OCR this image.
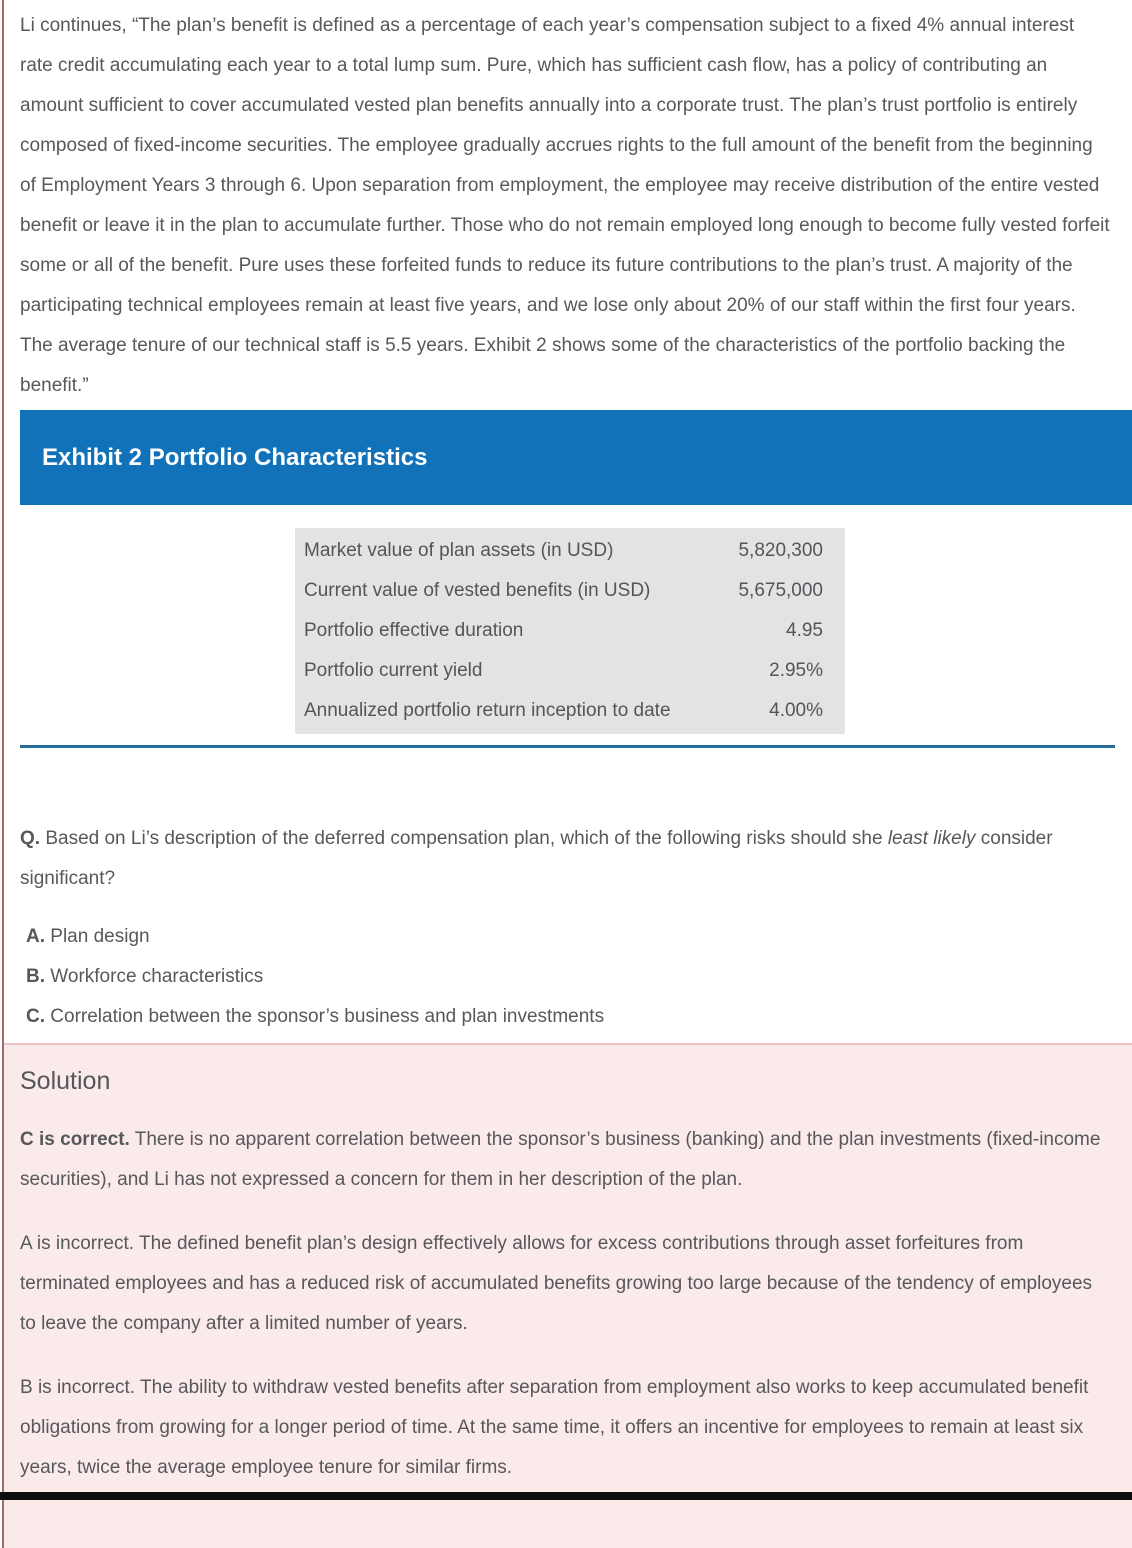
Li continues, “The plan’s benefit is defined as a percentage of each year’s compensation subject to a fixed 4% annual interest rate credit accumulating each year to a total lump sum. Pure, which has sufficient cash flow, has a policy of contributing an amount sufficient to cover accumulated vested plan benefits annually into a corporate trust. The plan’s trust portfolio is entirely composed of fixed-income securities. The employee gradually accrues rights to the full amount of the benefit from the beginning of Employment Years 3 through 6. Upon separation from employment, the employee may receive distribution of the entire vested benefit or leave it in the plan to accumulate further. Those who do not remain employed long enough to become fully vested forfeit some or all of the benefit. Pure uses these forfeited funds to reduce its future contributions to the plan’s trust. A majority of the participating technical employees remain at least five years, and we lose only about 20% of our staff within the first four years. The average tenure of our technical staff is 5.5 years. Exhibit 2 shows some of the characteristics of the portfolio backing the benefit.”

Exhibit 2 Portfolio Characteristics
Market value of plan assets (in USD)	5,820,300
Current value of vested benefits (in USD)	5,675,000
Portfolio effective duration	4.95
Portfolio current yield	2.95%
Annualized portfolio return inception to date	4.00%

Q. Based on Li’s description of the deferred compensation plan, which of the following risks should she least likely consider significant?

A. Plan design

B. Workforce characteristics

C. Correlation between the sponsor’s business and plan investments

Solution

C is correct. There is no apparent correlation between the sponsor’s business (banking) and the plan investments (fixed-income securities), and Li has not expressed a concern for them in her description of the plan.

A is incorrect. The defined benefit plan’s design effectively allows for excess contributions through asset forfeitures from terminated employees and has a reduced risk of accumulated benefits growing too large because of the tendency of employees to leave the company after a limited number of years.

B is incorrect. The ability to withdraw vested benefits after separation from employment also works to keep accumulated benefit obligations from growing for a longer period of time. At the same time, it offers an incentive for employees to remain at least six years, twice the average employee tenure for similar firms.
